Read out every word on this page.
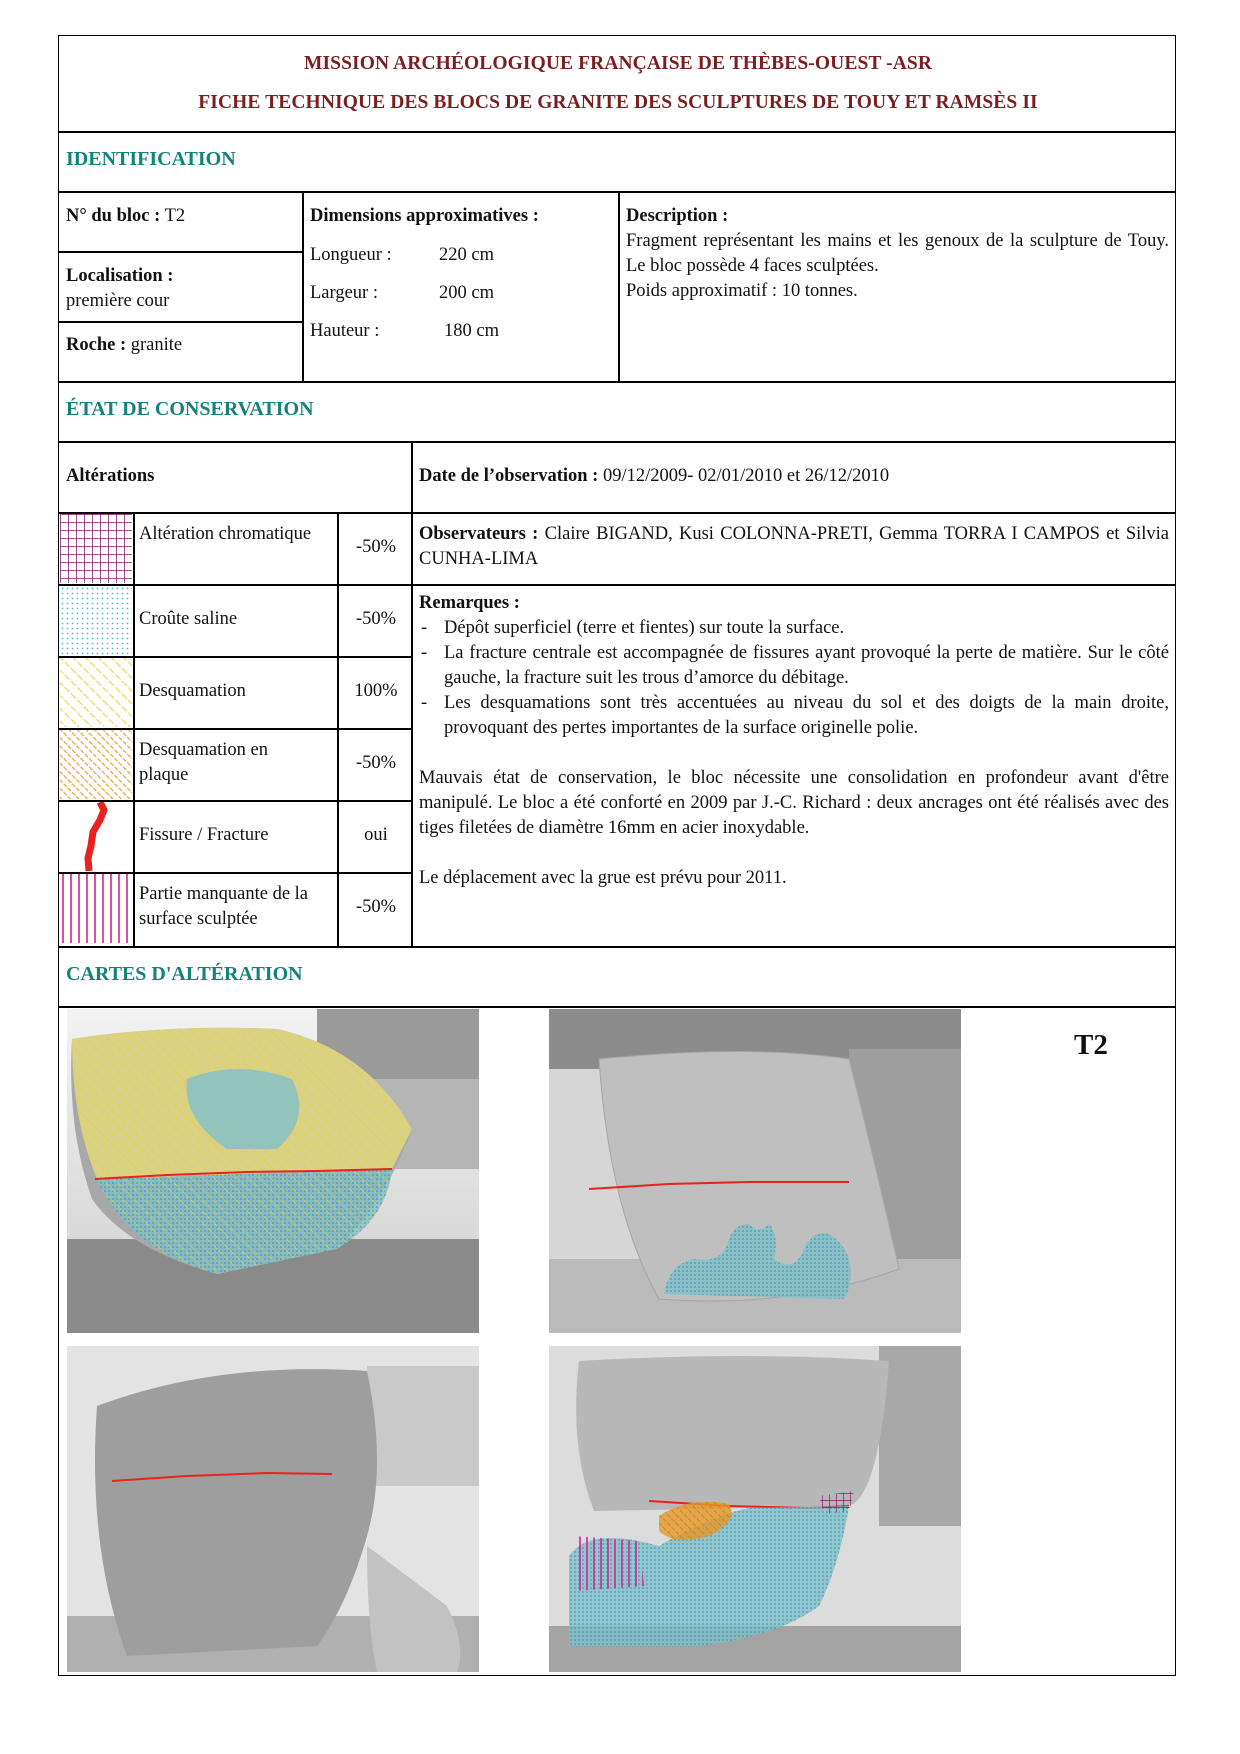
MISSION ARCHÉOLOGIQUE FRANÇAISE DE THÈBES-OUEST -ASR
FICHE TECHNIQUE DES BLOCS DE GRANITE DES SCULPTURES DE TOUY ET RAMSÈS II
IDENTIFICATION
N° du bloc : T2
Localisation :
première cour
Roche : granite
Dimensions approximatives :
Longueur :	220 cm
Largeur :	200 cm
Hauteur :	180 cm
Description :
Fragment représentant les mains et les genoux de la sculpture de Touy. Le bloc possède 4 faces sculptées.
Poids approximatif : 10 tonnes.
ÉTAT DE CONSERVATION
Altérations
Altération chromatique
-50%
Croûte saline	-50%
Desquamation	100%
Desquamation en plaque
-50%
Fissure / Fracture	oui
Partie manquante de la surface sculptée
-50%
Date de l’observation : 09/12/2009- 02/01/2010 et 26/12/2010
Observateurs : Claire BIGAND, Kusi COLONNA-PRETI, Gemma TORRA I CAMPOS et Silvia CUNHA-LIMA
Remarques :
- Dépôt superficiel (terre et fientes) sur toute la surface.
- La fracture centrale est accompagnée de fissures ayant provoqué la perte de matière. Sur le côté gauche, la fracture suit les trous d’amorce du débitage.
- Les desquamations sont très accentuées au niveau du sol et des doigts de la main droite, provoquant des pertes importantes de la surface originelle polie.
Mauvais état de conservation, le bloc nécessite une consolidation en profondeur avant d'être manipulé. Le bloc a été conforté en 2009 par J.-C. Richard : deux ancrages ont été réalisés avec des tiges filetées de diamètre 16mm en acier inoxydable.
Le déplacement avec la grue est prévu pour 2011.
CARTES D'ALTÉRATION
T2
